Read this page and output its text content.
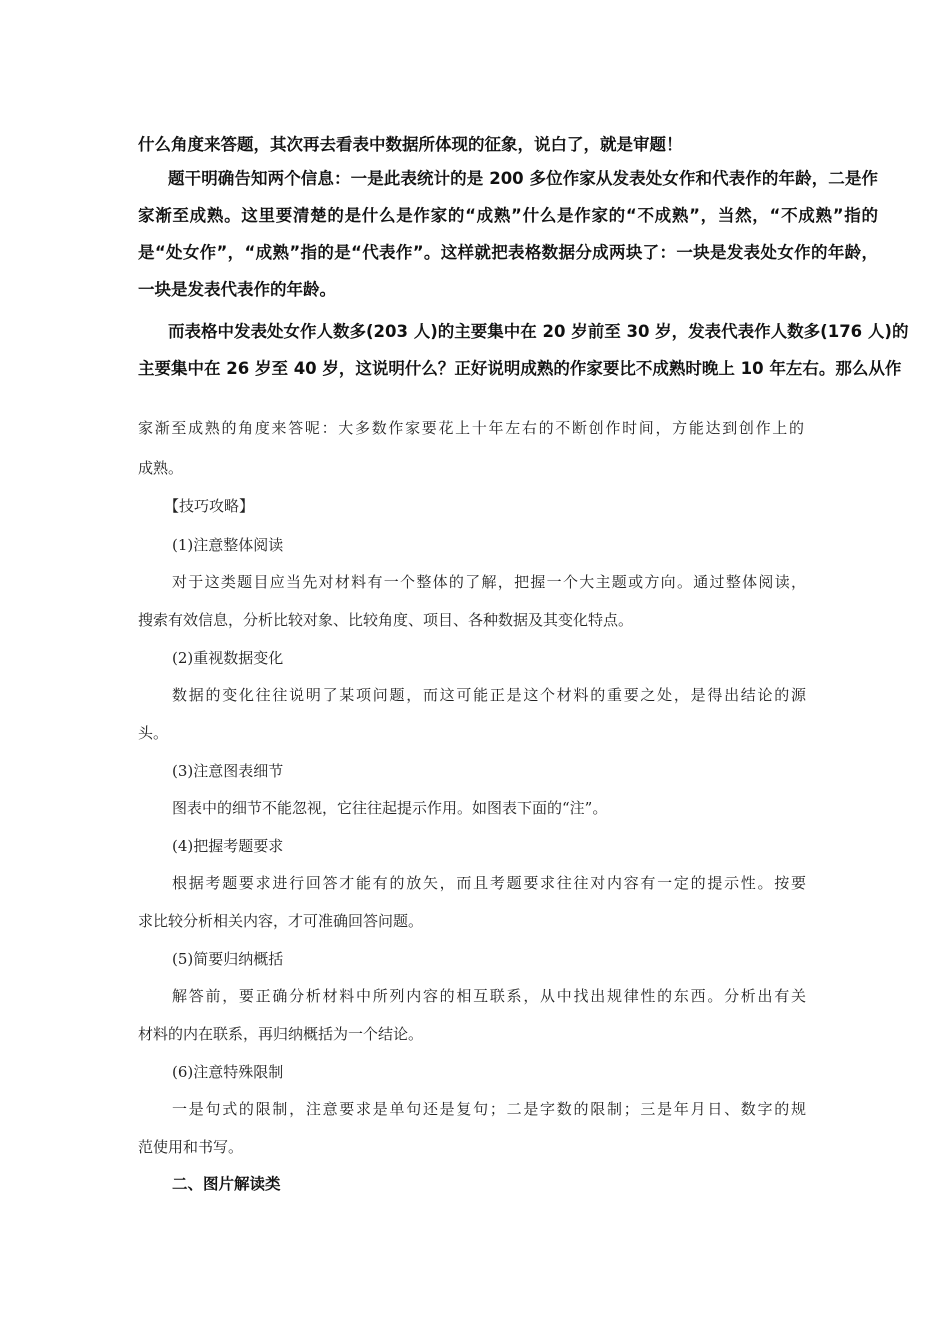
什么角度来答题，其次再去看表中数据所体现的征象，说白了，就是审题！

题干明确告知两个信息：一是此表统计的是 200 多位作家从发表处女作和代表作的年龄，二是作

家渐至成熟。这里要清楚的是什么是作家的“成熟”什么是作家的“不成熟”，当然，“不成熟”指的

是“处女作”，“成熟”指的是“代表作”。这样就把表格数据分成两块了：一块是发表处女作的年龄，

一块是发表代表作的年龄。

而表格中发表处女作人数多(203 人)的主要集中在 20 岁前至 30 岁，发表代表作人数多(176 人)的

主要集中在 26 岁至 40 岁，这说明什么？正好说明成熟的作家要比不成熟时晚上 10 年左右。那么从作

家渐至成熟的角度来答呢：大多数作家要花上十年左右的不断创作时间，方能达到创作上的

成熟。

【技巧攻略】

(1)注意整体阅读

对于这类题目应当先对材料有一个整体的了解，把握一个大主题或方向。通过整体阅读，

搜索有效信息，分析比较对象、比较角度、项目、各种数据及其变化特点。

(2)重视数据变化

数据的变化往往说明了某项问题，而这可能正是这个材料的重要之处，是得出结论的源

头。

(3)注意图表细节

图表中的细节不能忽视，它往往起提示作用。如图表下面的“注”。

(4)把握考题要求

根据考题要求进行回答才能有的放矢，而且考题要求往往对内容有一定的提示性。按要

求比较分析相关内容，才可准确回答问题。

(5)简要归纳概括

解答前，要正确分析材料中所列内容的相互联系，从中找出规律性的东西。分析出有关

材料的内在联系，再归纳概括为一个结论。

(6)注意特殊限制

一是句式的限制，注意要求是单句还是复句；二是字数的限制；三是年月日、数字的规

范使用和书写。

二、图片解读类
